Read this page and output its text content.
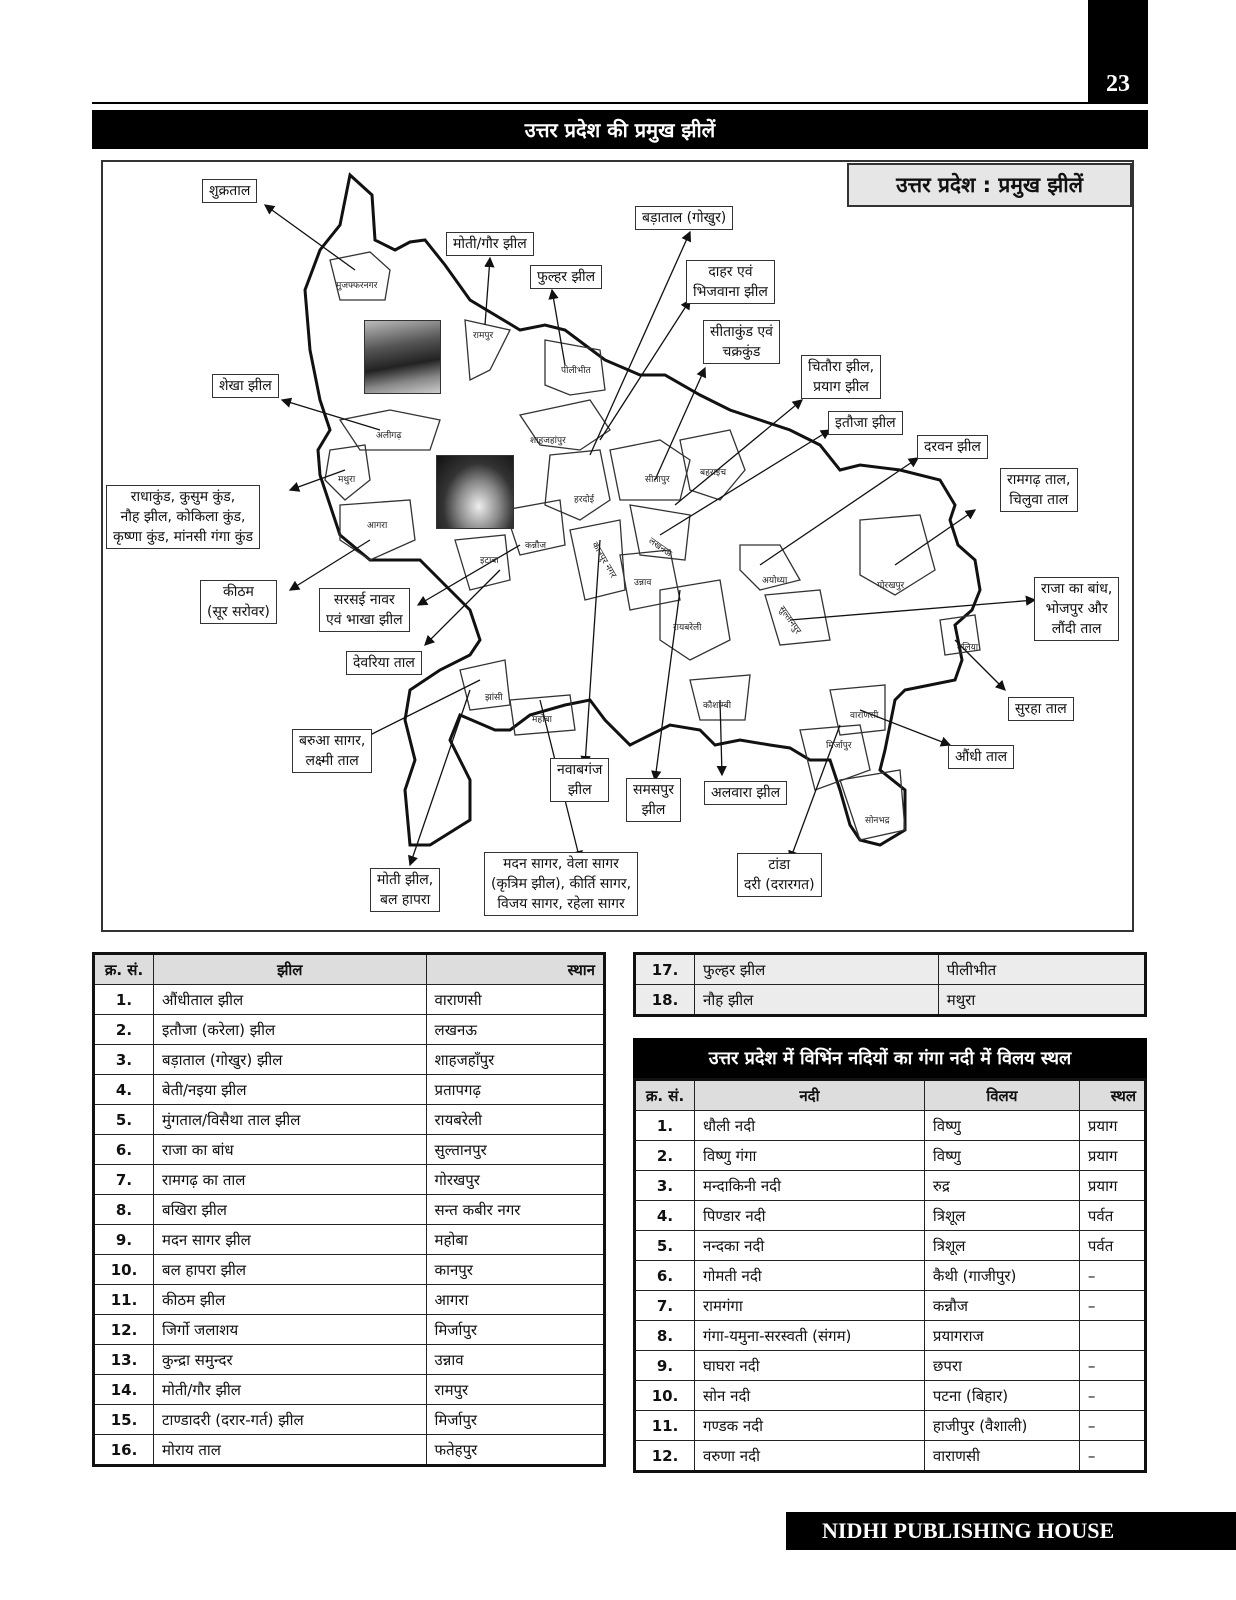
23
उत्तर प्रदेश की प्रमुख झीलें
उत्तर प्रदेश : प्रमुख झीलें
शुक्रताल
मोती/गौर झील
फुल्हर झील
बड़ाताल (गोखुर)
दाहर एवं
भिजवाना झील
सीताकुंड एवं
चक्रकुंड
चितौरा झील,
प्रयाग झील
इतौजा झील
दरवन झील
रामगढ़ ताल,
चिलुवा ताल
राजा का बांध,
भोजपुर और
लौंदी ताल
सुरहा ताल
औंधी ताल
टांडा
दरी (दरारगत)
अलवारा झील
समसपुर
झील
नवाबगंज
झील
मदन सागर, वेला सागर
(कृत्रिम झील), कीर्ति सागर,
विजय सागर, रहेला सागर
मोती झील,
बल हापरा
बरुआ सागर,
लक्ष्मी ताल
देवरिया ताल
सरसई नावर
एवं भाखा झील
कीठम
(सूर सरोवर)
राधाकुंड, कुसुम कुंड,
नौह झील, कोकिला कुंड,
कृष्णा कुंड, मांनसी गंगा कुंड
शेखा झील
मुजफ्फरनगर
रामपुर
पीलीभीत
अलीगढ़	शाहजहांपुर
मथुरा
हरदोई
सीतापुर
बहराइच
आगरा
कन्नौज
इटावा	कानपुर नगर
उन्नाव
लखनऊ
अयोध्या	गोरखपुर
सुल्तानपुर
रायबरेली
बलिया
झांसी
महोबा
कौशाम्बी
वाराणसी
मिर्जापुर
सोनभद्र
क्र. सं.	झील	स्थान
1.	औंधीताल झील	वाराणसी
2.	इतौजा (करेला) झील	लखनऊ
3.	बड़ाताल (गोखुर) झील	शाहजहाँपुर
4.	बेती/नइया झील	प्रतापगढ़
5.	मुंगताल/विसैथा ताल झील	रायबरेली
6.	राजा का बांध	सुल्तानपुर
7.	रामगढ़ का ताल	गोरखपुर
8.	बखिरा झील	सन्त कबीर नगर
9.	मदन सागर झील	महोबा
10.	बल हापरा झील	कानपुर
11.	कीठम झील	आगरा
12.	जिर्गो जलाशय	मिर्जापुर
13.	कुन्द्रा समुन्दर	उन्नाव
14.	मोती/गौर झील	रामपुर
15.	टाण्डादरी (दरार-गर्त) झील	मिर्जापुर
16.	मोराय ताल	फतेहपुर
17.	फुल्हर झील	पीलीभीत
18.	नौह झील	मथुरा
उत्तर प्रदेश में विभिंन नदियों का गंगा नदी में विलय स्थल
क्र. सं.	नदी	विलय	स्थल
1.	धौली नदी	विष्णु	प्रयाग
2.	विष्णु गंगा	विष्णु	प्रयाग
3.	मन्दाकिनी नदी	रुद्र	प्रयाग
4.	पिण्डार नदी	त्रिशूल	पर्वत
5.	नन्दका नदी	त्रिशूल	पर्वत
6.	गोमती नदी	कैथी (गाजीपुर)	–
7.	रामगंगा	कन्नौज	–
8.	गंगा-यमुना-सरस्वती (संगम)	प्रयागराज	
9.	घाघरा नदी	छपरा	–
10.	सोन नदी	पटना (बिहार)	–
11.	गण्डक नदी	हाजीपुर (वैशाली)	–
12.	वरुणा नदी	वाराणसी	–
NIDHI PUBLISHING HOUSE
